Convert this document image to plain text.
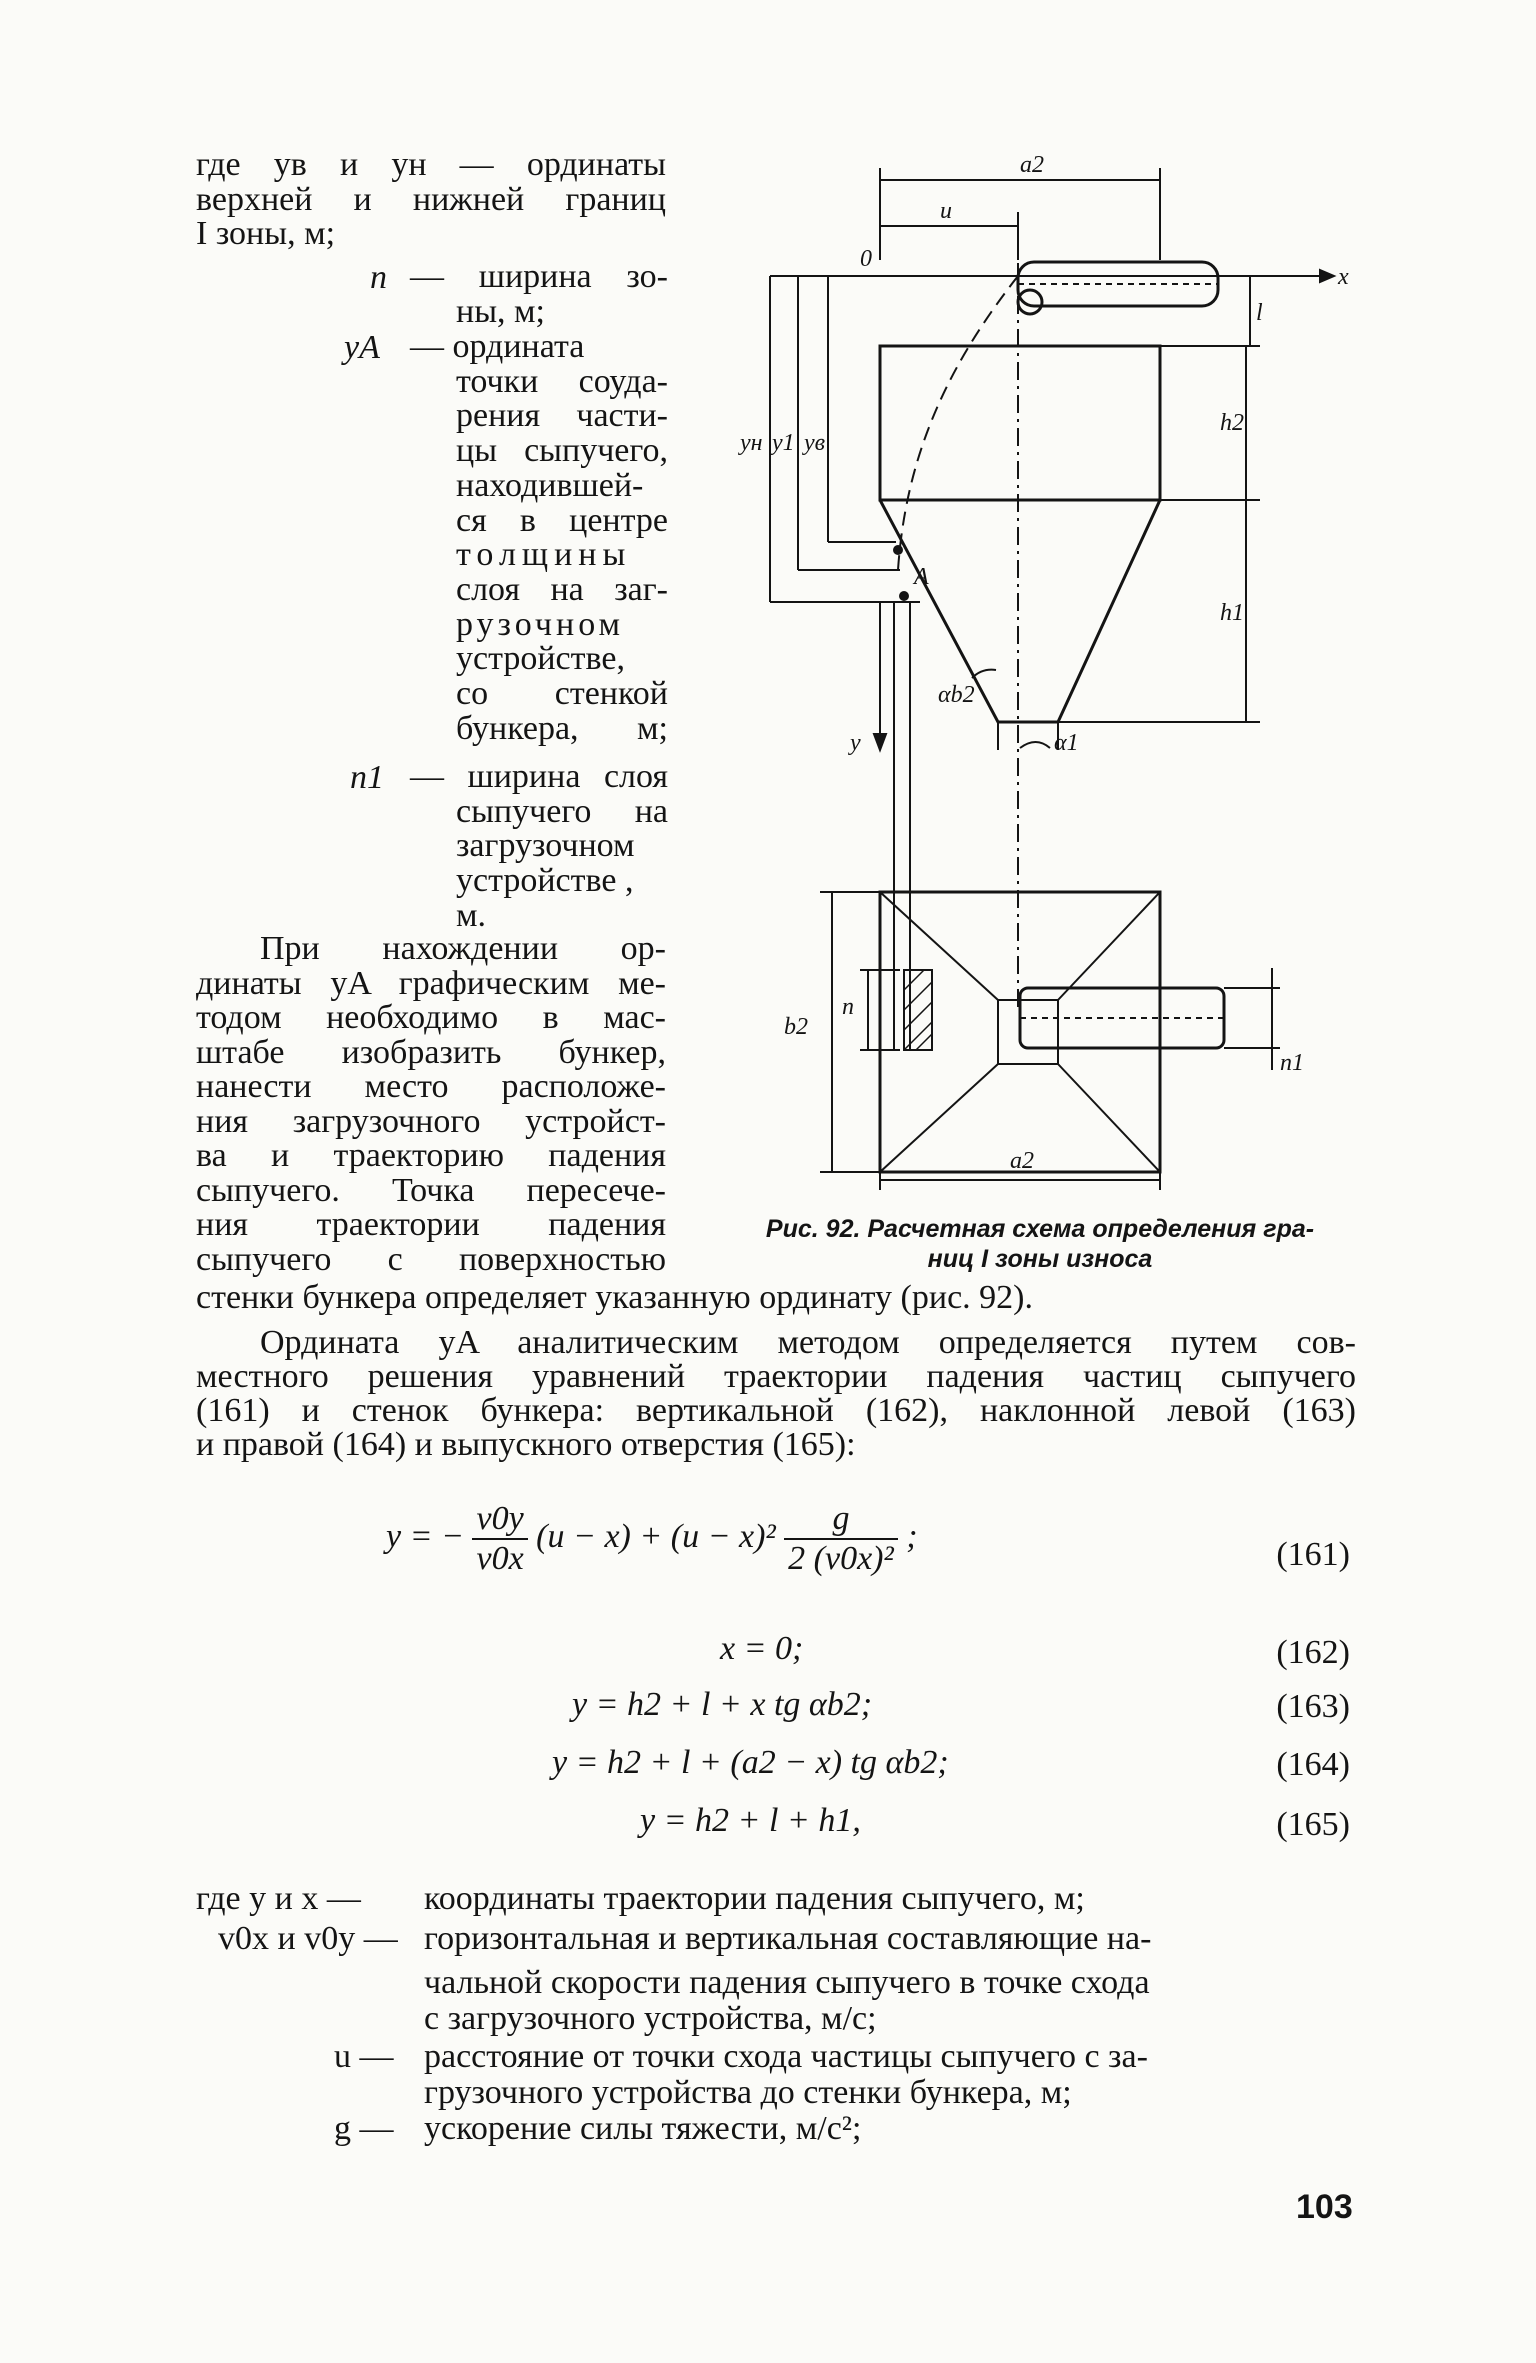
где yв и yн — ординаты

верхней и нижней границ

I зоны, м;

n — ширина зо-

ны, м;

yA — ордината

точки соуда-

рения части-

цы сыпучего,

находившей-

ся в центре

толщины

слоя на заг-

рузочном

устройстве,

со стенкой

бункера, м;

n1 — ширина слоя

сыпучего на

загрузочном

устройстве ,

м.

При нахождении ор-

динаты yA графическим ме-

тодом необходимо в мас-

штабе изобразить бункер,

нанести место расположе-

ния загрузочного устройст-

ва и траекторию падения

сыпучего. Точка пересече-

ния траектории падения

сыпучего с поверхностью

стенки бункера определяет указанную ординату (рис. 92).

Ордината yA аналитическим методом определяется путем сов-

местного решения уравнений траектории падения частиц сыпучего

(161) и стенок бункера: вертикальной (162), наклонной левой (163)

и правой (164) и выпускного отверстия (165):

a2
u
0
x
l
h2
h1
yн y1 yв
A
αb2
α1
y
b2
n
n1
a2
Рис. 92. Расчетная схема определения гра-
ниц I зоны износа
y = − $\frac{v0y}{v0x} (u - x) + (u - x)^2 \frac{g}{\text{2 (v0x)²}}$ ;	(161)
x = 0;	(162)
y = h2 + l + x tg αb2;	(163)
y = h2 + l + (a2 − x) tg αb2;	(164)
y = h2 + l + h1,	(165)
где y и x — координаты траектории падения сыпучего, м;
v0x и v0y — горизонтальная и вертикальная составляющие на-
чальной скорости падения сыпучего в точке схода
с загрузочного устройства, м/с;
u — расстояние от точки схода частицы сыпучего с за-
грузочного устройства до стенки бункера, м;
g — ускорение силы тяжести, м/с²;
103
